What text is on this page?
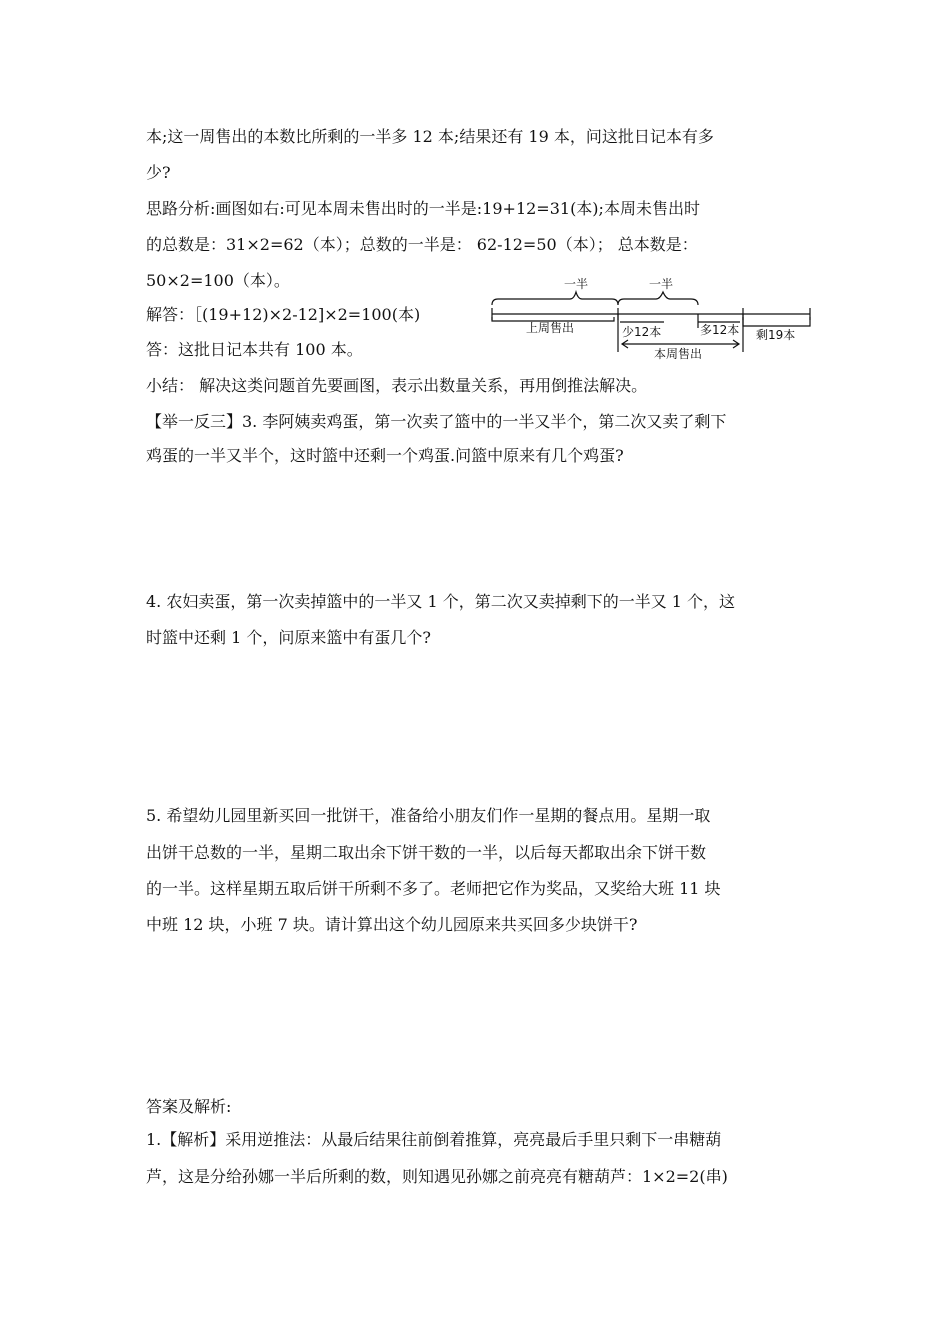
本;这一周售出的本数比所剩的一半多 12 本;结果还有 19 本，问这批日记本有多
少?
思路分析:画图如右:可见本周未售出时的一半是:19+12=31(本);本周未售出时
的总数是：31×2=62（本）；总数的一半是： 62-12=50（本）； 总本数是：
50×2=100（本）。
解答：［(19+12)×2-12]×2=100(本)
答：这批日记本共有 100 本。
小结： 解决这类问题首先要画图，表示出数量关系，再用倒推法解决。
【举一反三】3. 李阿姨卖鸡蛋，第一次卖了篮中的一半又半个，第二次又卖了剩下
鸡蛋的一半又半个，这时篮中还剩一个鸡蛋.问篮中原来有几个鸡蛋?
4. 农妇卖蛋，第一次卖掉篮中的一半又 1 个，第二次又卖掉剩下的一半又 1 个，这
时篮中还剩 1 个，问原来篮中有蛋几个?
5. 希望幼儿园里新买回一批饼干，准备给小朋友们作一星期的餐点用。星期一取
出饼干总数的一半，星期二取出余下饼干数的一半，以后每天都取出余下饼干数
的一半。这样星期五取后饼干所剩不多了。老师把它作为奖品，又奖给大班 11 块
中班 12 块，小班 7 块。请计算出这个幼儿园原来共买回多少块饼干?
答案及解析:
1.【解析】采用逆推法：从最后结果往前倒着推算，亮亮最后手里只剩下一串糖葫
芦，这是分给孙娜一半后所剩的数，则知遇见孙娜之前亮亮有糖葫芦：1×2=2(串)
一半	一半
上周售出	少12本	多12本 剩19本
本周售出
